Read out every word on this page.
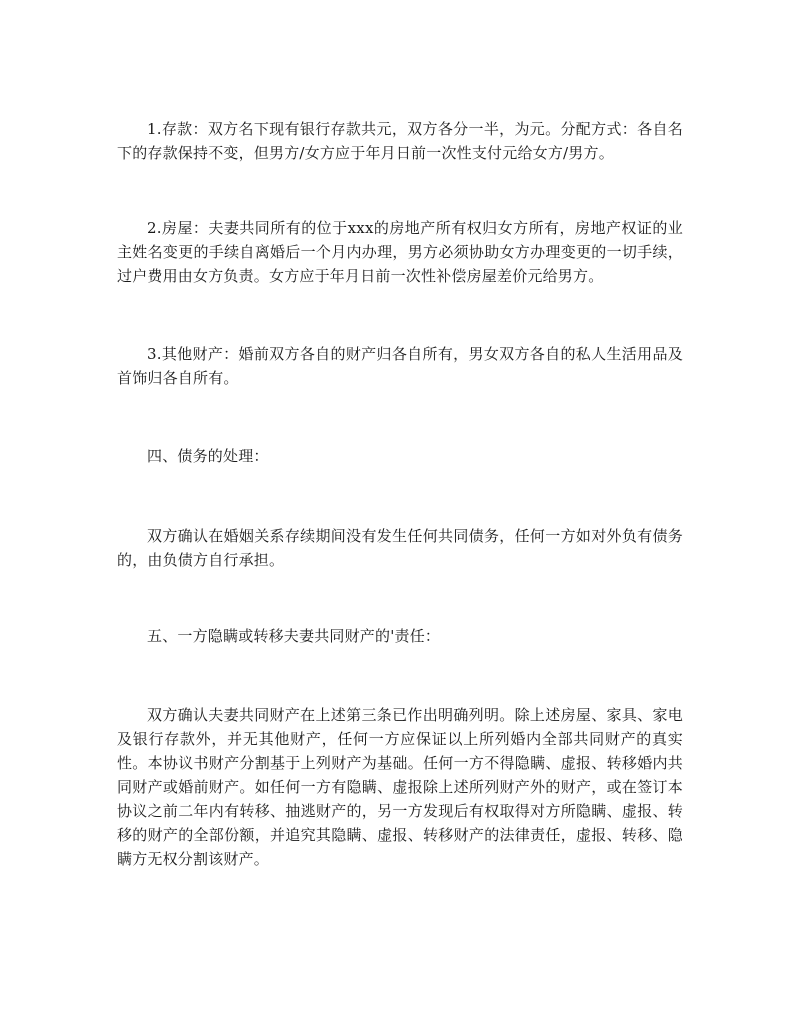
1.存款：双方名下现有银行存款共元，双方各分一半，为元。分配方式：各自名下的存款保持不变，但男方/女方应于年月日前一次性支付元给女方/男方。

2.房屋：夫妻共同所有的位于xxx的房地产所有权归女方所有，房地产权证的业主姓名变更的手续自离婚后一个月内办理，男方必须协助女方办理变更的一切手续，过户费用由女方负责。女方应于年月日前一次性补偿房屋差价元给男方。

3.其他财产：婚前双方各自的财产归各自所有，男女双方各自的私人生活用品及首饰归各自所有。

四、债务的处理：

双方确认在婚姻关系存续期间没有发生任何共同债务，任何一方如对外负有债务的，由负债方自行承担。

五、一方隐瞒或转移夫妻共同财产的'责任：

双方确认夫妻共同财产在上述第三条已作出明确列明。除上述房屋、家具、家电及银行存款外，并无其他财产，任何一方应保证以上所列婚内全部共同财产的真实性。本协议书财产分割基于上列财产为基础。任何一方不得隐瞒、虚报、转移婚内共同财产或婚前财产。如任何一方有隐瞒、虚报除上述所列财产外的财产，或在签订本协议之前二年内有转移、抽逃财产的，另一方发现后有权取得对方所隐瞒、虚报、转移的财产的全部份额，并追究其隐瞒、虚报、转移财产的法律责任，虚报、转移、隐瞒方无权分割该财产。
